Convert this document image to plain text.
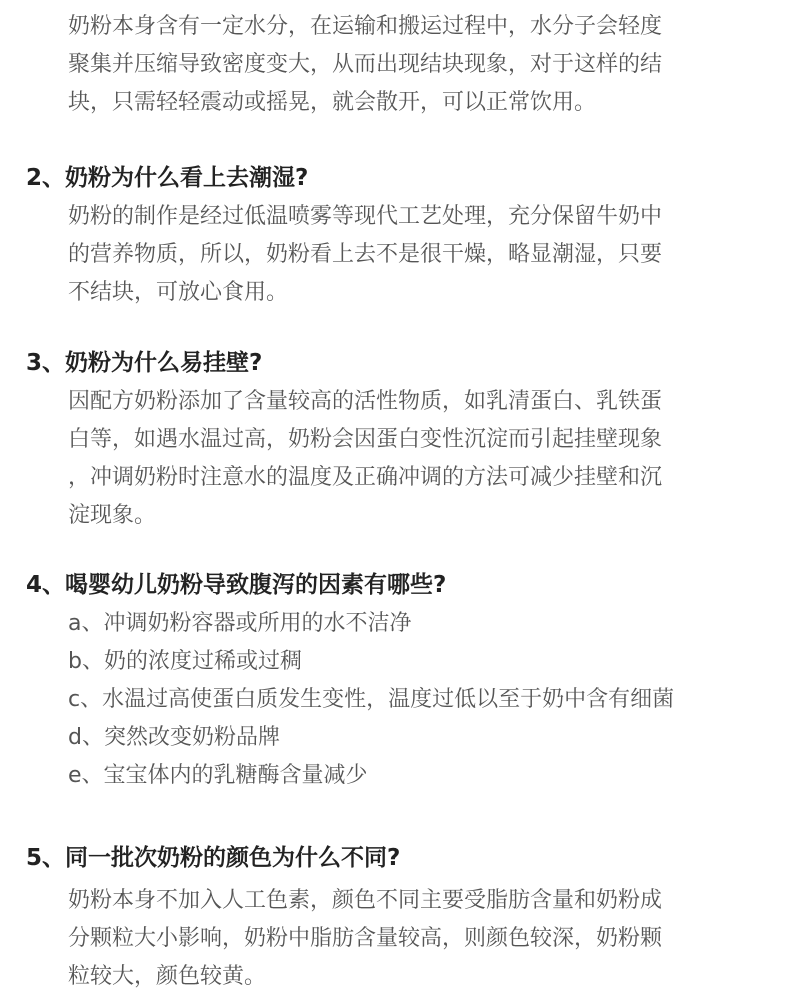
奶粉本身含有一定水分，在运输和搬运过程中，水分子会轻度
聚集并压缩导致密度变大，从而出现结块现象，对于这样的结
块，只需轻轻震动或摇晃，就会散开，可以正常饮用。

2、奶粉为什么看上去潮湿?

奶粉的制作是经过低温喷雾等现代工艺处理，充分保留牛奶中
的营养物质，所以，奶粉看上去不是很干燥，略显潮湿，只要
不结块，可放心食用。

3、奶粉为什么易挂壁?

因配方奶粉添加了含量较高的活性物质，如乳清蛋白、乳铁蛋
白等，如遇水温过高，奶粉会因蛋白变性沉淀而引起挂壁现象
，冲调奶粉时注意水的温度及正确冲调的方法可减少挂壁和沉
淀现象。

4、喝婴幼儿奶粉导致腹泻的因素有哪些?

a、冲调奶粉容器或所用的水不洁净
b、奶的浓度过稀或过稠
c、水温过高使蛋白质发生变性，温度过低以至于奶中含有细菌
d、突然改变奶粉品牌
e、宝宝体内的乳糖酶含量减少

5、同一批次奶粉的颜色为什么不同?

奶粉本身不加入人工色素，颜色不同主要受脂肪含量和奶粉成
分颗粒大小影响，奶粉中脂肪含量较高，则颜色较深，奶粉颗
粒较大，颜色较黄。
